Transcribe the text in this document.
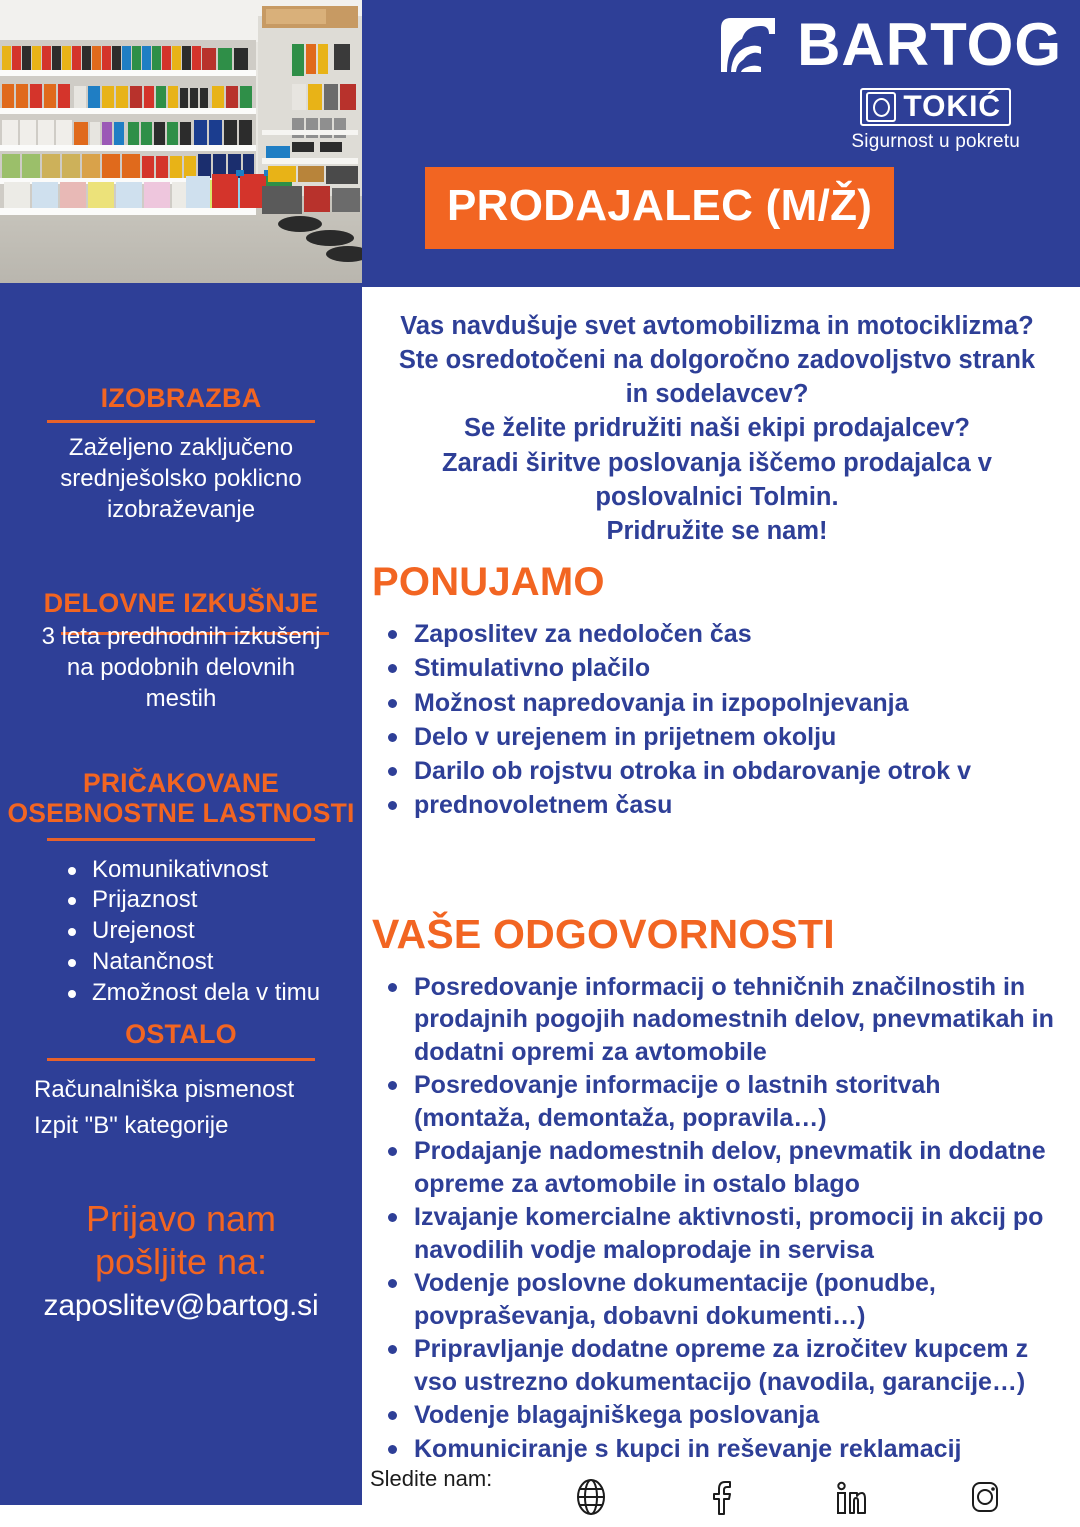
IZOBRAZBA
Zaželjeno zaključeno srednješolsko poklicno izobraževanje
DELOVNE IZKUŠNJE
3 leta predhodnih izkušenj na podobnih delovnih mestih
PRIČAKOVANE
OSEBNOSTNE LASTNOSTI
Komunikativnost
Prijaznost
Urejenost
Natančnost
Zmožnost dela v timu
OSTALO
Računalniška pismenost
Izpit "B" kategorije
Prijavo nam
pošljite na:
zaposlitev@bartog.si
BARTOG
TOKIĆ
Sigurnost u pokretu
PRODAJALEC (M/Ž)
Vas navdušuje svet avtomobilizma in motociklizma?
Ste osredotočeni na dolgoročno zadovoljstvo strank in sodelavcev?
Se želite pridružiti naši ekipi prodajalcev?
Zaradi širitve poslovanja iščemo prodajalca v poslovalnici Tolmin.
Pridružite se nam!
PONUJAMO
Zaposlitev za nedoločen čas
Stimulativno plačilo
Možnost napredovanja in izpopolnjevanja
Delo v urejenem in prijetnem okolju
Darilo ob rojstvu otroka in obdarovanje otrok v
prednovoletnem času
VAŠE ODGOVORNOSTI
Posredovanje informacij o tehničnih značilnostih in prodajnih pogojih nadomestnih delov, pnevmatikah in dodatni opremi za avtomobile
Posredovanje informacije o lastnih storitvah (montaža, demontaža, popravila…)
Prodajanje nadomestnih delov, pnevmatik in dodatne opreme za avtomobile in ostalo blago
Izvajanje komercialne aktivnosti, promocij in akcij po navodilih vodje maloprodaje in servisa
Vodenje poslovne dokumentacije (ponudbe, povpraševanja, dobavni dokumenti…)
Pripravljanje dodatne opreme za izročitev kupcem z vso ustrezno dokumentacijo (navodila, garancije…)
Vodenje blagajniškega poslovanja
Komuniciranje s kupci in reševanje reklamacij
Sledite nam:
